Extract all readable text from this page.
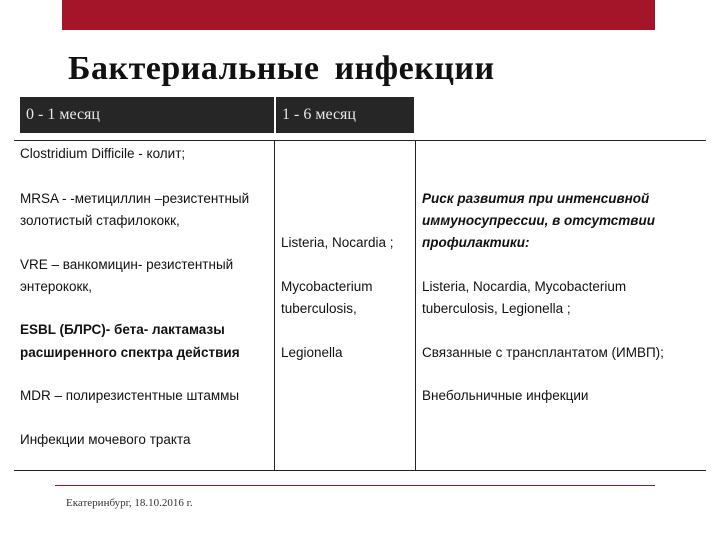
Бактериальные инфекции
0 - 1 месяц	1 - 6 месяц	Более 6 месяцев
Clostridium Difficile - колит;
MRSA - -метициллин –резистентный
золотистый стафилококк,
VRE – ванкомицин- резистентный
энтерококк,
ESBL (БЛРС)- бета- лактамазы
расширенного спектра действия
MDR – полирезистентные штаммы
Инфекции мочевого тракта
Listeria, Nocardia ;
Mycobacterium
tuberculosis,
Legionella
Риск развития при интенсивной
иммуносупрессии, в отсутствии
профилактики:
Listeria, Nocardia, Mycobacterium
tuberculosis, Legionella ;
Связанные с трансплантатом (ИМВП);
Внебольничные инфекции
Екатеринбург, 18.10.2016 г.
